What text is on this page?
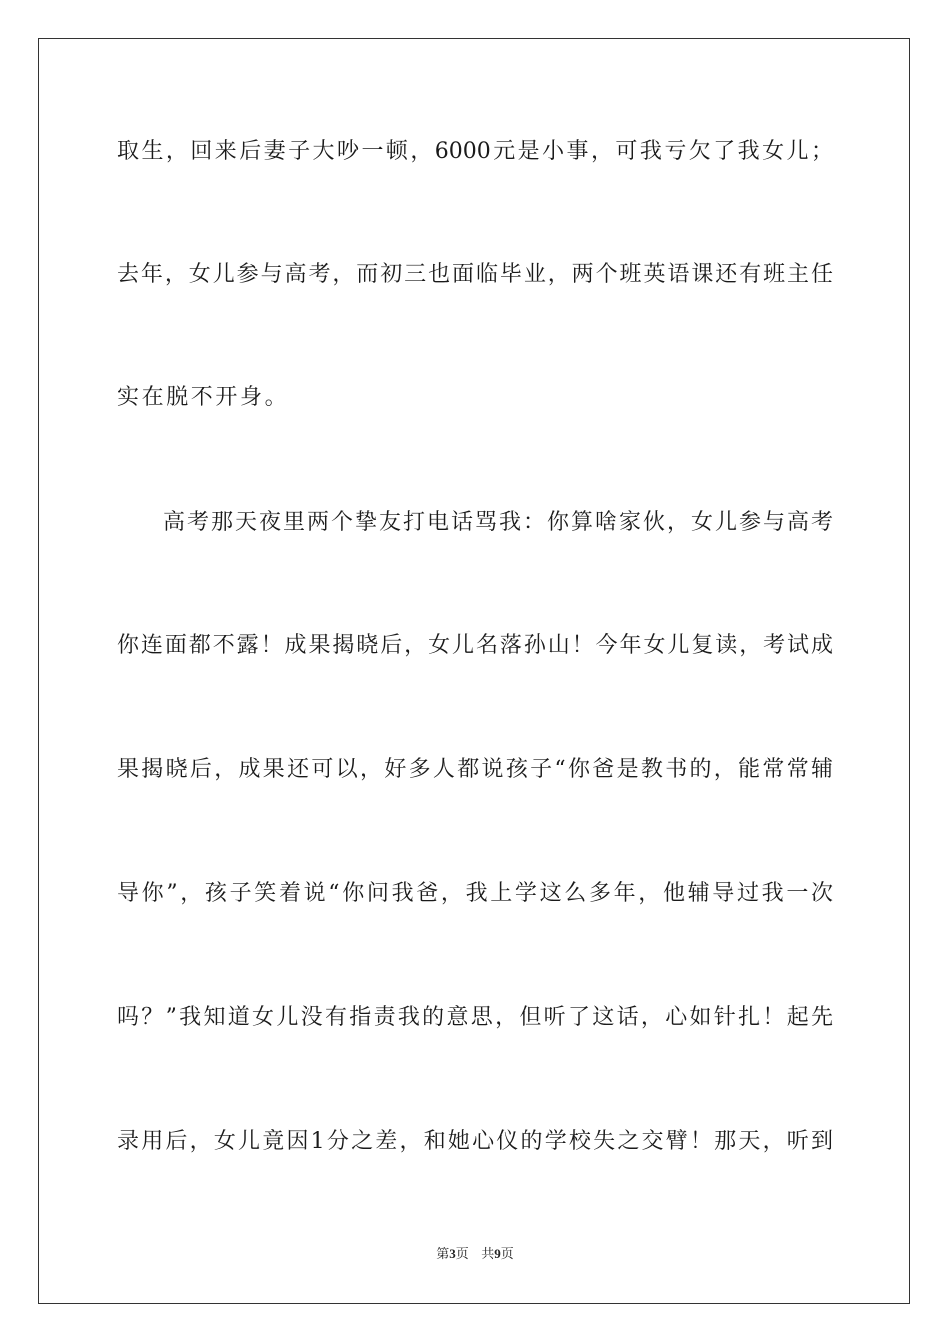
取生，回来后妻子大吵一顿，6000元是小事，可我亏欠了我女儿；
去年，女儿参与高考，而初三也面临毕业，两个班英语课还有班主任
实在脱不开身。
高考那天夜里两个挚友打电话骂我：你算啥家伙，女儿参与高考
你连面都不露！成果揭晓后，女儿名落孙山！今年女儿复读，考试成
果揭晓后，成果还可以，好多人都说孩子“你爸是教书的，能常常辅
导你”，孩子笑着说“你问我爸，我上学这么多年，他辅导过我一次
吗？”我知道女儿没有指责我的意思，但听了这话，心如针扎！起先
录用后，女儿竟因1分之差，和她心仪的学校失之交臂！那天，听到
第3页 共9页
